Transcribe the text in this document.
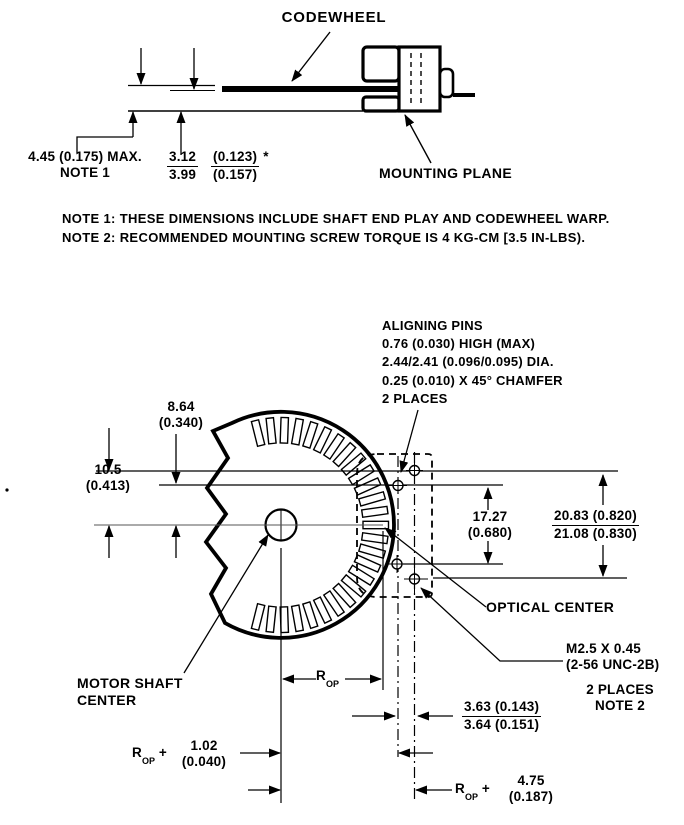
CODEWHEEL
4.45 (0.175) MAX.
NOTE 1	$\frac{3.12}{3.99} (0.123)$
(0.157)
*
MOUNTING PLANE
NOTE 1: THESE DIMENSIONS INCLUDE SHAFT END PLAY AND CODEWHEEL WARP.
NOTE 2: RECOMMENDED MOUNTING SCREW TORQUE IS 4 KG-CM [3.5 IN-LBS).
ALIGNING PINS
0.76 (0.030) HIGH (MAX)
2.44/2.41 (0.096/0.095) DIA.
0.25 (0.010) X 45° CHAMFER
2 PLACES
8.64
(0.340)
10.5
(0.413)
17.27
(0.680)	$\frac{20.83 (0.820)}{21.08 (0.830)}$
OPTICAL CENTER
MOTOR SHAFT
CENTER
M2.5 X 0.45
(2-56 UNC-2B)
2 PLACES
NOTE 2
$R_{OP}$
$R_{OP}$ +	1.02
(0.040)
$\frac{3.63 (0.143)}{3.64 (0.151)}$
$R_{OP}$ +
4.75
(0.187)
